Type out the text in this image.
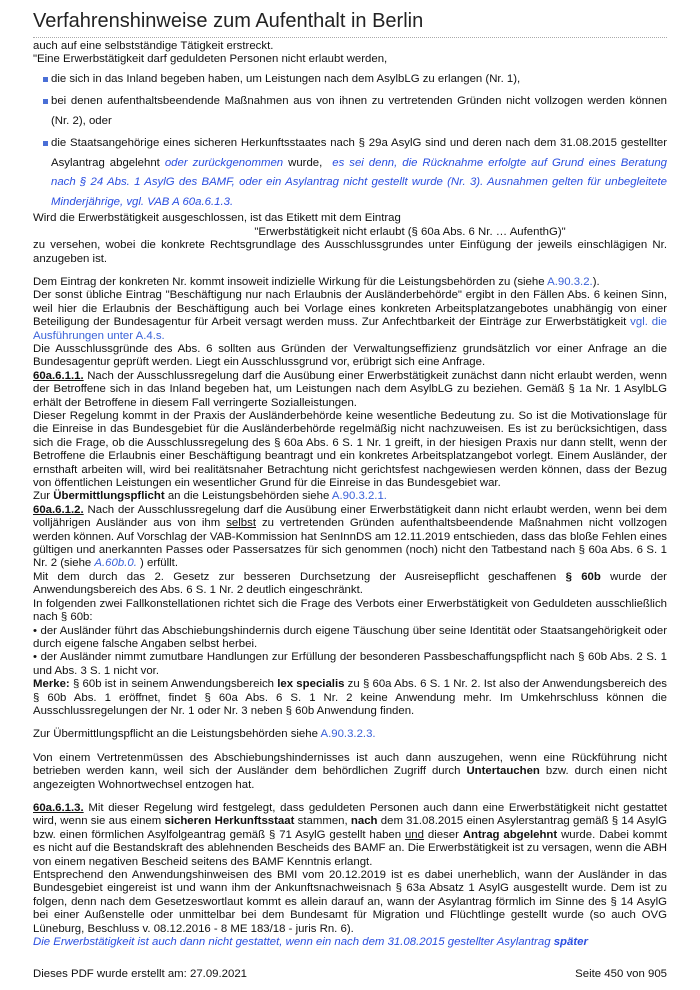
Verfahrenshinweise zum Aufenthalt in Berlin

auch auf eine selbstständige Tätigkeit erstreckt.

"Eine Erwerbstätigkeit darf geduldeten Personen nicht erlaubt werden,

die sich in das Inland begeben haben, um Leistungen nach dem AsylbLG zu erlangen (Nr. 1),
bei denen aufenthaltsbeendende Maßnahmen aus von ihnen zu vertretenden Gründen nicht vollzogen werden können (Nr. 2), oder
die Staatsangehörige eines sicheren Herkunftsstaates nach § 29a AsylG sind und deren nach dem 31.08.2015 gestellter Asylantrag abgelehnt oder zurückgenommen wurde, es sei denn, die Rücknahme erfolgte auf Grund eines Beratung nach § 24 Abs. 1 AsylG des BAMF, oder ein Asylantrag nicht gestellt wurde (Nr. 3). Ausnahmen gelten für unbegleitete Minderjährige, vgl. VAB A 60a.6.1.3.

Wird die Erwerbstätigkeit ausgeschlossen, ist das Etikett mit dem Eintrag

"Erwerbstätigkeit nicht erlaubt (§ 60a Abs. 6 Nr. … AufenthG)"

zu versehen, wobei die konkrete Rechtsgrundlage des Ausschlussgrundes unter Einfügung der jeweils einschlägigen Nr. anzugeben ist.

Dem Eintrag der konkreten Nr. kommt insoweit indizielle Wirkung für die Leistungsbehörden zu (siehe A.90.3.2.).

Der sonst übliche Eintrag "Beschäftigung nur nach Erlaubnis der Ausländerbehörde" ergibt in den Fällen Abs. 6 keinen Sinn, weil hier die Erlaubnis der Beschäftigung auch bei Vorlage eines konkreten Arbeitsplatzangebotes unabhängig von einer Beteiligung der Bundesagentur für Arbeit versagt werden muss. Zur Anfechtbarkeit der Einträge zur Erwerbstätigkeit vgl. die Ausführungen unter A.4.s.

Die Ausschlussgründe des Abs. 6 sollten aus Gründen der Verwaltungseffizienz grundsätzlich vor einer Anfrage an die Bundesagentur geprüft werden. Liegt ein Ausschlussgrund vor, erübrigt sich eine Anfrage.

60a.6.1.1. Nach der Ausschlussregelung darf die Ausübung einer Erwerbstätigkeit zunächst dann nicht erlaubt werden, wenn der Betroffene sich in das Inland begeben hat, um Leistungen nach dem AsylbLG zu beziehen. Gemäß § 1a Nr. 1 AsylbLG erhält der Betroffene in diesem Fall verringerte Sozialleistungen.

Dieser Regelung kommt in der Praxis der Ausländerbehörde keine wesentliche Bedeutung zu. So ist die Motivationslage für die Einreise in das Bundesgebiet für die Ausländerbehörde regelmäßig nicht nachzuweisen. Es ist zu berücksichtigen, dass sich die Frage, ob die Ausschlussregelung des § 60a Abs. 6 S. 1 Nr. 1 greift, in der hiesigen Praxis nur dann stellt, wenn der Betroffene die Erlaubnis einer Beschäftigung beantragt und ein konkretes Arbeitsplatzangebot vorlegt. Einem Ausländer, der ernsthaft arbeiten will, wird bei realitätsnaher Betrachtung nicht gerichtsfest nachgewiesen werden können, dass der Bezug von öffentlichen Leistungen ein wesentlicher Grund für die Einreise in das Bundesgebiet war.

Zur Übermittlungspflicht an die Leistungsbehörden siehe A.90.3.2.1.

60a.6.1.2. Nach der Ausschlussregelung darf die Ausübung einer Erwerbstätigkeit dann nicht erlaubt werden, wenn bei dem volljährigen Ausländer aus von ihm selbst zu vertretenden Gründen aufenthaltsbeendende Maßnahmen nicht vollzogen werden können. Auf Vorschlag der VAB-Kommission hat SenInnDS am 12.11.2019 entschieden, dass das bloße Fehlen eines gültigen und anerkannten Passes oder Passersatzes für sich genommen (noch) nicht den Tatbestand nach § 60a Abs. 6 S. 1 Nr. 2 (siehe A.60b.0. ) erfüllt.

Mit dem durch das 2. Gesetz zur besseren Durchsetzung der Ausreisepflicht geschaffenen § 60b wurde der Anwendungsbereich des Abs. 6 S. 1 Nr. 2 deutlich eingeschränkt.

In folgenden zwei Fallkonstellationen richtet sich die Frage des Verbots einer Erwerbstätigkeit von Geduldeten ausschließlich nach § 60b:

• der Ausländer führt das Abschiebungshindernis durch eigene Täuschung über seine Identität oder Staatsangehörigkeit oder durch eigene falsche Angaben selbst herbei.

• der Ausländer nimmt zumutbare Handlungen zur Erfüllung der besonderen Passbeschaffungspflicht nach § 60b Abs. 2 S. 1 und Abs. 3 S. 1 nicht vor.

Merke: § 60b ist in seinem Anwendungsbereich lex specialis zu § 60a Abs. 6 S. 1 Nr. 2. Ist also der Anwendungsbereich des § 60b Abs. 1 eröffnet, findet § 60a Abs. 6 S. 1 Nr. 2 keine Anwendung mehr. Im Umkehrschluss können die Ausschlussregelungen der Nr. 1 oder Nr. 3 neben § 60b Anwendung finden.

Zur Übermittlungspflicht an die Leistungsbehörden siehe A.90.3.2.3.

Von einem Vertretenmüssen des Abschiebungshindernisses ist auch dann auszugehen, wenn eine Rückführung nicht betrieben werden kann, weil sich der Ausländer dem behördlichen Zugriff durch Untertauchen bzw. durch einen nicht angezeigten Wohnortwechsel entzogen hat.

60a.6.1.3. Mit dieser Regelung wird festgelegt, dass geduldeten Personen auch dann eine Erwerbstätigkeit nicht gestattet wird, wenn sie aus einem sicheren Herkunftsstaat stammen, nach dem 31.08.2015 einen Asylerstantrag gemäß § 14 AsylG bzw. einen förmlichen Asylfolgeantrag gemäß § 71 AsylG gestellt haben und dieser Antrag abgelehnt wurde. Dabei kommt es nicht auf die Bestandskraft des ablehnenden Bescheids des BAMF an. Die Erwerbstätigkeit ist zu versagen, wenn die ABH von einem negativen Bescheid seitens des BAMF Kenntnis erlangt.

Entsprechend den Anwendungshinweisen des BMI vom 20.12.2019 ist es dabei unerheblich, wann der Ausländer in das Bundesgebiet eingereist ist und wann ihm der Ankunftsnachweisnach § 63a Absatz 1 AsylG ausgestellt wurde. Dem ist zu folgen, denn nach dem Gesetzeswortlaut kommt es allein darauf an, wann der Asylantrag förmlich im Sinne des § 14 AsylG bei einer Außenstelle oder unmittelbar bei dem Bundesamt für Migration und Flüchtlinge gestellt wurde (so auch OVG Lüneburg, Beschluss v. 08.12.2016 - 8 ME 183/18 - juris Rn. 6).

Die Erwerbstätigkeit ist auch dann nicht gestattet, wenn ein nach dem 31.08.2015 gestellter Asylantrag später

Dieses PDF wurde erstellt am: 27.09.2021	Seite 450 von 905
